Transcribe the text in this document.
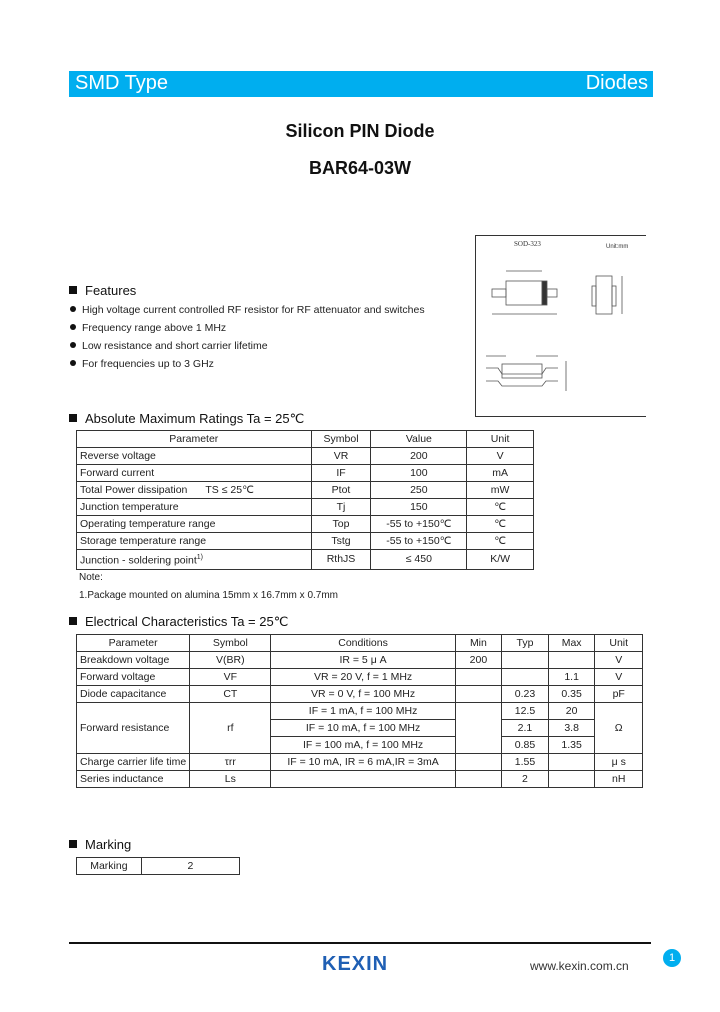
SMD Type	Diodes
Silicon PIN Diode
BAR64-03W
SOD-323	Unit:mm
Features
High voltage current controlled RF resistor for RF attenuator and switches
Frequency range above 1 MHz
Low resistance and short carrier lifetime
For frequencies up to 3 GHz
Absolute Maximum Ratings Ta = 25℃
Parameter	Symbol	Value	Unit
Reverse voltage	VR	200	V
Forward current	IF	100	mA
Total Power dissipation TS ≤ 25℃	Ptot	250	mW
Junction temperature	Tj	150	℃
Operating temperature range	Top	-55 to +150℃	℃
Storage temperature range	Tstg	-55 to +150℃	℃
Junction - soldering point$^{1)}$	RthJS	≤ 450	K/W
Note:
1.Package mounted on alumina 15mm x 16.7mm x 0.7mm
Electrical Characteristics Ta = 25℃
Parameter	Symbol	Conditions	Min	Typ	Max	Unit
Breakdown voltage	V(BR)	IR = 5 μ A	200			V
Forward voltage	VF	VR = 20 V, f = 1 MHz			1.1	V
Diode capacitance	CT	VR = 0 V, f = 100 MHz		0.23	0.35	pF
Forward resistance	rf	IF = 1 mA, f = 100 MHz		12.5	20	Ω
		IF = 10 mA, f = 100 MHz		2.1	3.8	
		IF = 100 mA, f = 100 MHz		0.85	1.35	
Charge carrier life time	τrr	IF = 10 mA, IR = 6 mA,IR = 3mA		1.55		μ s
Series inductance	Ls			2		nH
Marking
Marking	2
KEXIN	www.kexin.com.cn
1
